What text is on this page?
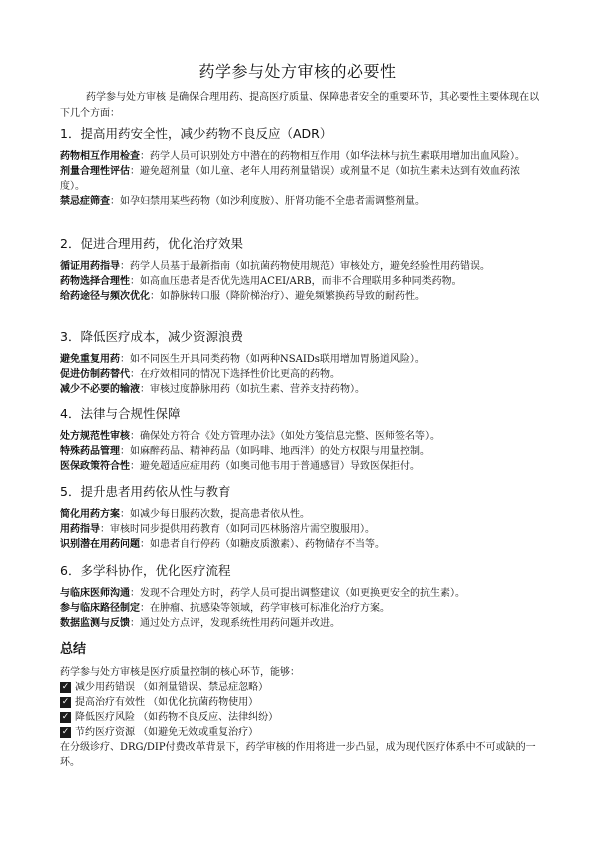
药学参与处方审核的必要性

药学参与处方审核 是确保合理用药、提高医疗质量、保障患者安全的重要环节，其必要性主要体现在以下几个方面：

1．提高用药安全性，减少药物不良反应（ADR）

药物相互作用检查：药学人员可识别处方中潜在的药物相互作用（如华法林与抗生素联用增加出血风险）。

剂量合理性评估：避免超剂量（如儿童、老年人用药剂量错误）或剂量不足（如抗生素未达到有效血药浓度）。

禁忌症筛查：如孕妇禁用某些药物（如沙利度胺）、肝肾功能不全患者需调整剂量。

2．促进合理用药，优化治疗效果

循证用药指导：药学人员基于最新指南（如抗菌药物使用规范）审核处方，避免经验性用药错误。

药物选择合理性：如高血压患者是否优先选用ACEI/ARB，而非不合理联用多种同类药物。

给药途径与频次优化：如静脉转口服（降阶梯治疗）、避免频繁换药导致的耐药性。

3．降低医疗成本，减少资源浪费

避免重复用药：如不同医生开具同类药物（如两种NSAIDs联用增加胃肠道风险）。

促进仿制药替代：在疗效相同的情况下选择性价比更高的药物。

减少不必要的输液：审核过度静脉用药（如抗生素、营养支持药物）。

4．法律与合规性保障

处方规范性审核：确保处方符合《处方管理办法》（如处方笺信息完整、医师签名等）。

特殊药品管理：如麻醉药品、精神药品（如吗啡、地西泮）的处方权限与用量控制。

医保政策符合性：避免超适应症用药（如奥司他韦用于普通感冒）导致医保拒付。

5．提升患者用药依从性与教育

简化用药方案：如减少每日服药次数，提高患者依从性。

用药指导：审核时同步提供用药教育（如阿司匹林肠溶片需空腹服用）。

识别潜在用药问题：如患者自行停药（如糖皮质激素）、药物储存不当等。

6．多学科协作，优化医疗流程

与临床医师沟通：发现不合理处方时，药学人员可提出调整建议（如更换更安全的抗生素）。

参与临床路径制定：在肿瘤、抗感染等领域，药学审核可标准化治疗方案。

数据监测与反馈：通过处方点评，发现系统性用药问题并改进。

总结

药学参与处方审核是医疗质量控制的核心环节，能够：

✓ 减少用药错误 （如剂量错误、禁忌症忽略）
✓ 提高治疗有效性 （如优化抗菌药物使用）
✓ 降低医疗风险 （如药物不良反应、法律纠纷）
✓ 节约医疗资源 （如避免无效或重复治疗）

在分级诊疗、DRG/DIP付费改革背景下，药学审核的作用将进一步凸显，成为现代医疗体系中不可或缺的一环。
